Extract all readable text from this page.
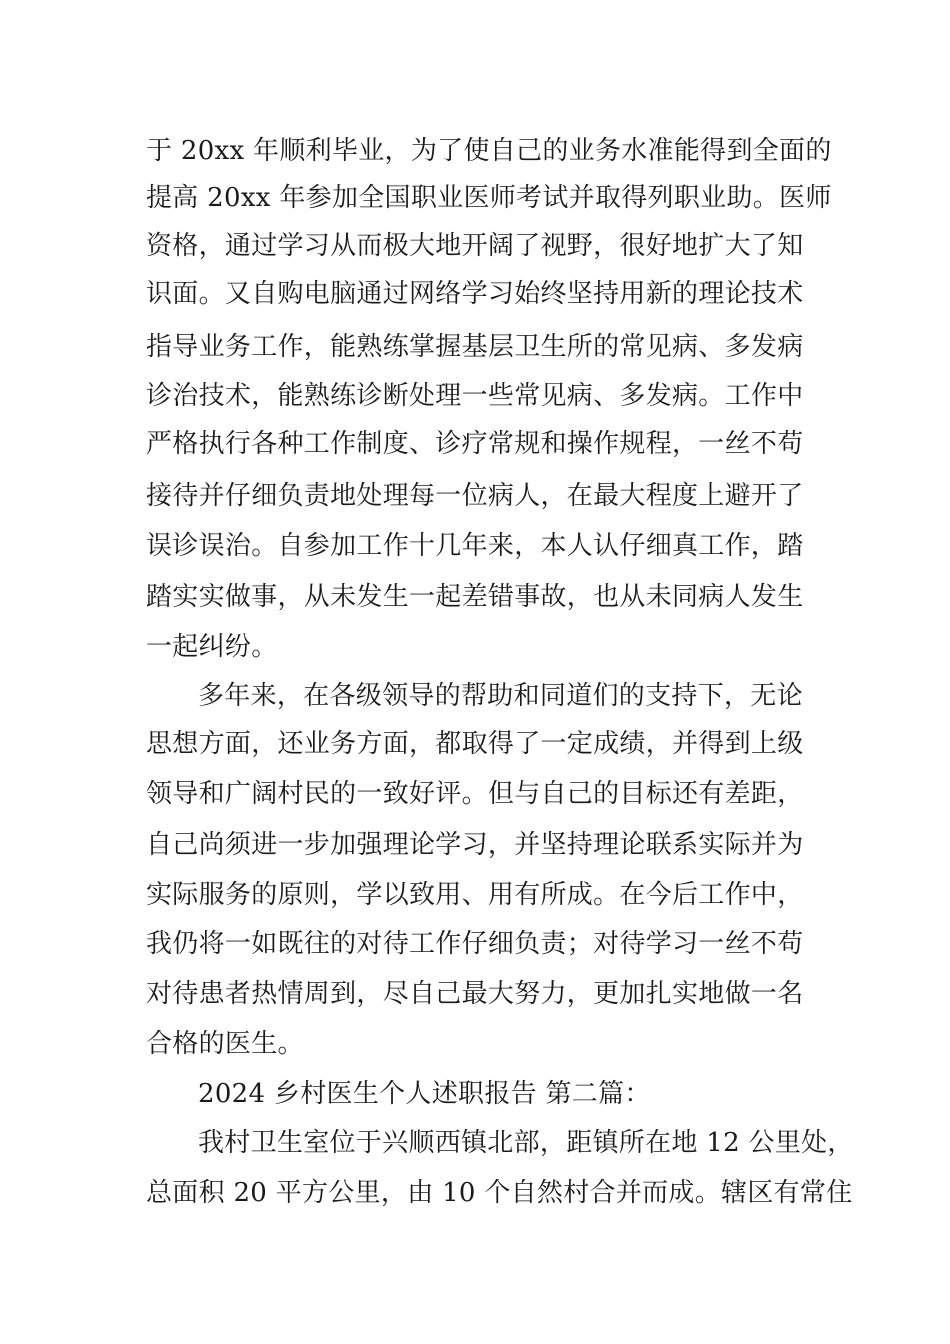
于 20xx 年顺利毕业，为了使自己的业务水准能得到全面的
提高 20xx 年参加全国职业医师考试并取得列职业助。医师
资格，通过学习从而极大地开阔了视野，很好地扩大了知
识面。又自购电脑通过网络学习始终坚持用新的理论技术
指导业务工作，能熟练掌握基层卫生所的常见病、多发病
诊治技术，能熟练诊断处理一些常见病、多发病。工作中
严格执行各种工作制度、诊疗常规和操作规程，一丝不苟
接待并仔细负责地处理每一位病人，在最大程度上避开了
误诊误治。自参加工作十几年来，本人认仔细真工作，踏
踏实实做事，从未发生一起差错事故，也从未同病人发生
一起纠纷。
多年来，在各级领导的帮助和同道们的支持下，无论
思想方面，还业务方面，都取得了一定成绩，并得到上级
领导和广阔村民的一致好评。但与自己的目标还有差距，
自己尚须进一步加强理论学习，并坚持理论联系实际并为
实际服务的原则，学以致用、用有所成。在今后工作中，
我仍将一如既往的对待工作仔细负责；对待学习一丝不苟
对待患者热情周到，尽自己最大努力，更加扎实地做一名
合格的医生。
2024 乡村医生个人述职报告 第二篇：
我村卫生室位于兴顺西镇北部，距镇所在地 12 公里处，
总面积 20 平方公里，由 10 个自然村合并而成。辖区有常住
